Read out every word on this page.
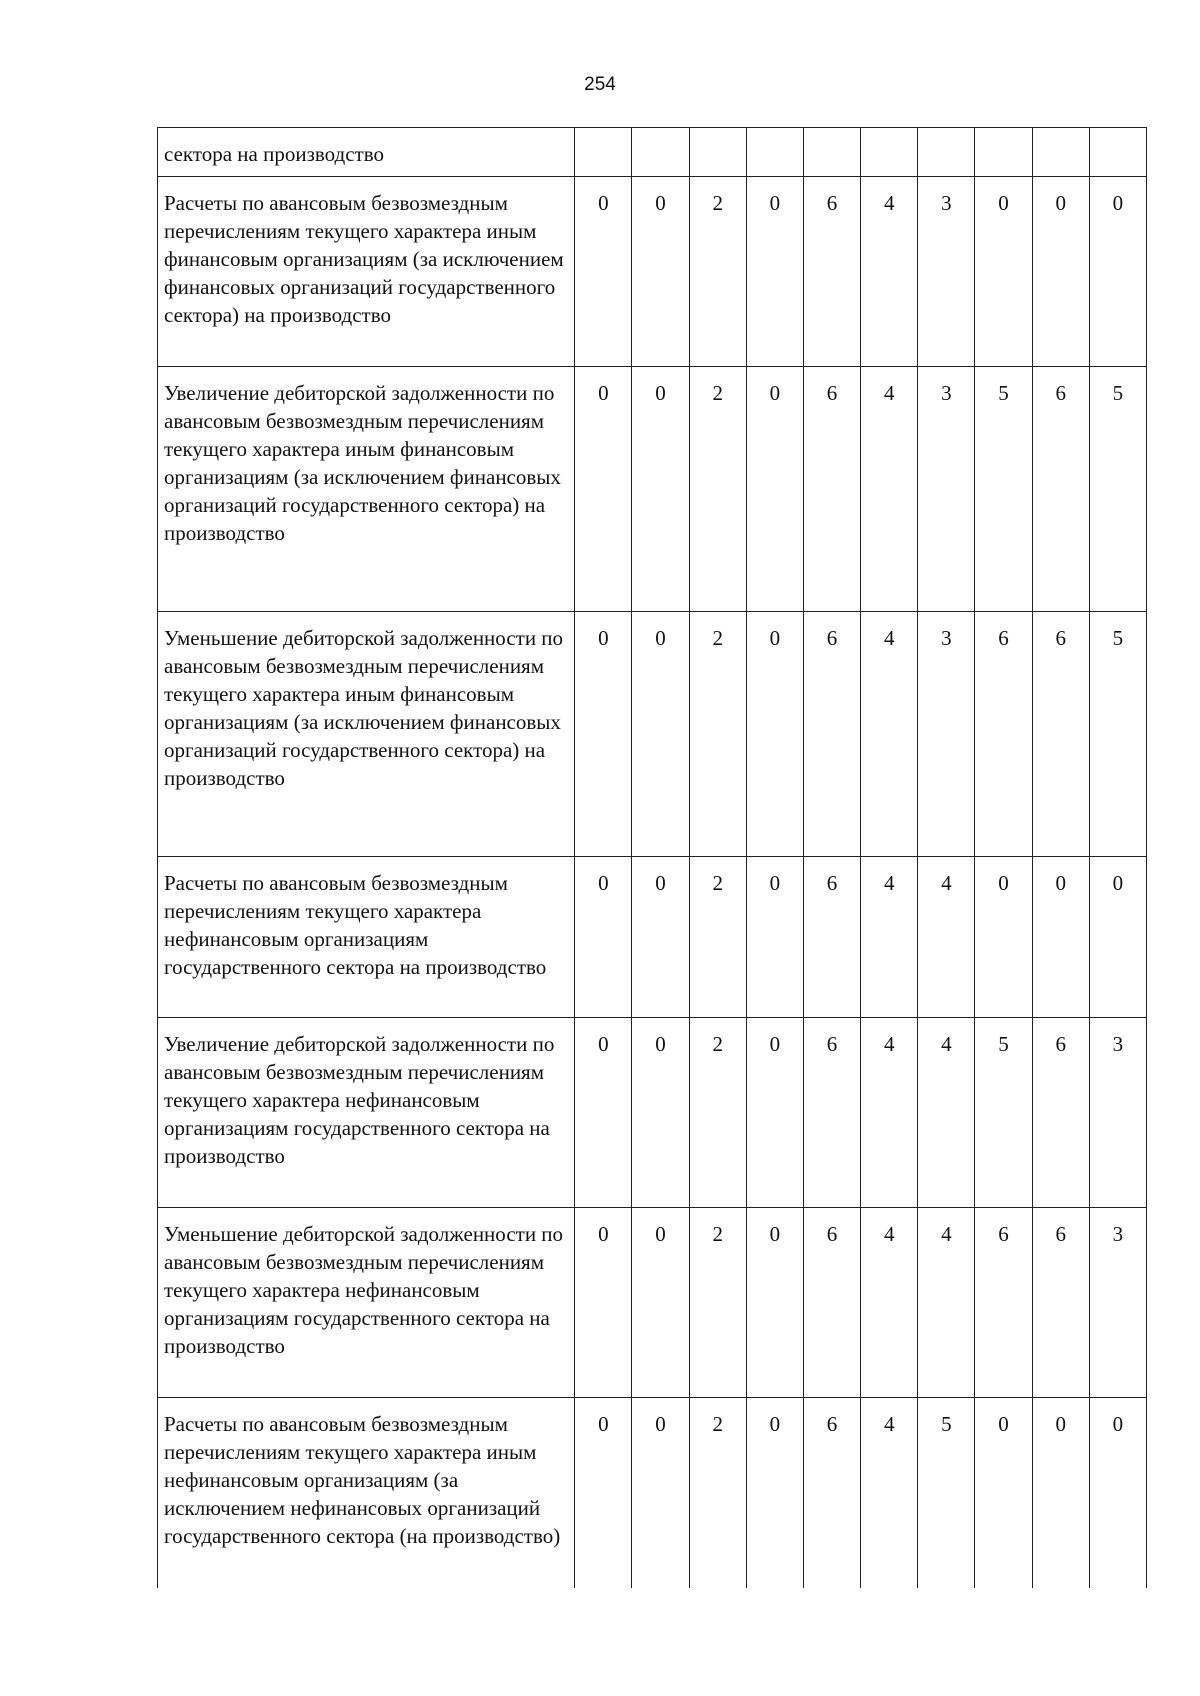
254
сектора на производство										
Расчеты по авансовым безвозмездным перечислениям текущего характера иным финансовым организациям (за исключением финансовых организаций государственного сектора) на производство	0	0	2	0	6	4	3	0	0	0
Увеличение дебиторской задолженности по авансовым безвозмездным перечислениям текущего характера иным финансовым организациям (за исключением финансовых организаций государственного сектора) на производство	0	0	2	0	6	4	3	5	6	5
Уменьшение дебиторской задолженности по авансовым безвозмездным перечислениям текущего характера иным финансовым организациям (за исключением финансовых организаций государственного сектора) на производство	0	0	2	0	6	4	3	6	6	5
Расчеты по авансовым безвозмездным перечислениям текущего характера нефинансовым организациям государственного сектора на производство	0	0	2	0	6	4	4	0	0	0
Увеличение дебиторской задолженности по авансовым безвозмездным перечислениям текущего характера нефинансовым организациям государственного сектора на производство	0	0	2	0	6	4	4	5	6	3
Уменьшение дебиторской задолженности по авансовым безвозмездным перечислениям текущего характера нефинансовым организациям государственного сектора на производство	0	0	2	0	6	4	4	6	6	3
Расчеты по авансовым безвозмездным перечислениям текущего характера иным нефинансовым организациям (за исключением нефинансовых организаций государственного сектора (на производство)	0	0	2	0	6	4	5	0	0	0
